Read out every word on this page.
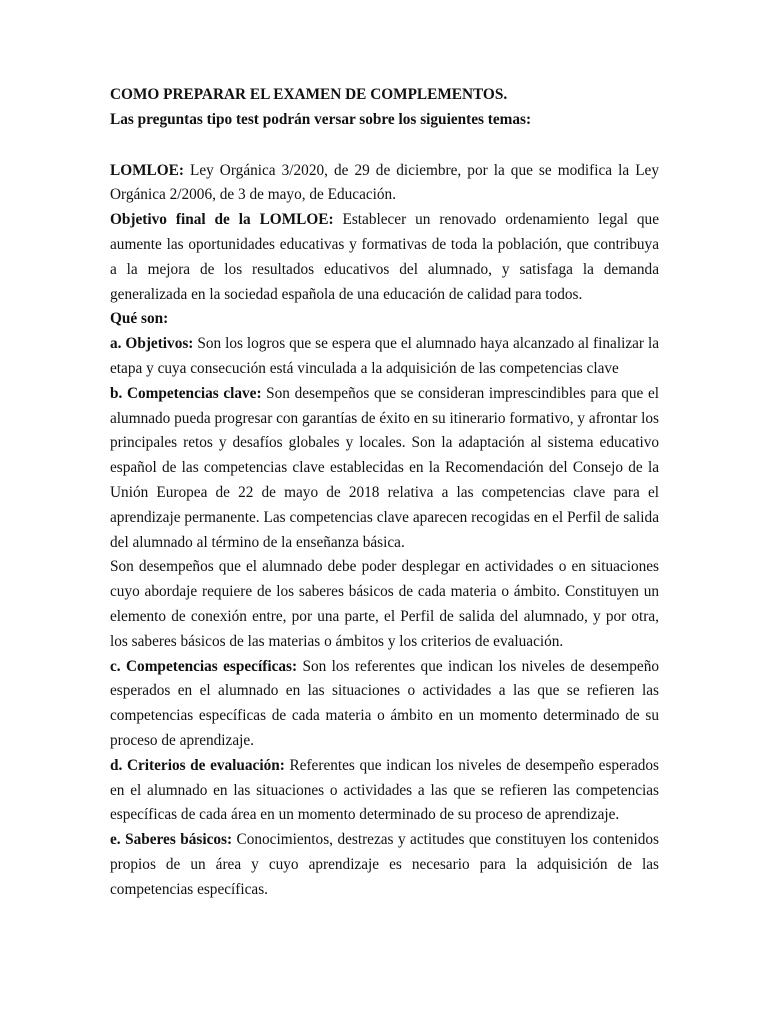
COMO PREPARAR EL EXAMEN DE COMPLEMENTOS.

Las preguntas tipo test podrán versar sobre los siguientes temas:

LOMLOE: Ley Orgánica 3/2020, de 29 de diciembre, por la que se modifica la Ley Orgánica 2/2006, de 3 de mayo, de Educación.

Objetivo final de la LOMLOE: Establecer un renovado ordenamiento legal que aumente las oportunidades educativas y formativas de toda la población, que contribuya a la mejora de los resultados educativos del alumnado, y satisfaga la demanda generalizada en la sociedad española de una educación de calidad para todos.

Qué son:

a. Objetivos: Son los logros que se espera que el alumnado haya alcanzado al finalizar la etapa y cuya consecución está vinculada a la adquisición de las competencias clave

b. Competencias clave: Son desempeños que se consideran imprescindibles para que el alumnado pueda progresar con garantías de éxito en su itinerario formativo, y afrontar los principales retos y desafíos globales y locales. Son la adaptación al sistema educativo español de las competencias clave establecidas en la Recomendación del Consejo de la Unión Europea de 22 de mayo de 2018 relativa a las competencias clave para el aprendizaje permanente. Las competencias clave aparecen recogidas en el Perfil de salida del alumnado al término de la enseñanza básica.

Son desempeños que el alumnado debe poder desplegar en actividades o en situaciones cuyo abordaje requiere de los saberes básicos de cada materia o ámbito. Constituyen un elemento de conexión entre, por una parte, el Perfil de salida del alumnado, y por otra, los saberes básicos de las materias o ámbitos y los criterios de evaluación.

c. Competencias específicas: Son los referentes que indican los niveles de desempeño esperados en el alumnado en las situaciones o actividades a las que se refieren las competencias específicas de cada materia o ámbito en un momento determinado de su proceso de aprendizaje.

d. Criterios de evaluación: Referentes que indican los niveles de desempeño esperados en el alumnado en las situaciones o actividades a las que se refieren las competencias específicas de cada área en un momento determinado de su proceso de aprendizaje.

e. Saberes básicos: Conocimientos, destrezas y actitudes que constituyen los contenidos propios de un área y cuyo aprendizaje es necesario para la adquisición de las competencias específicas.
